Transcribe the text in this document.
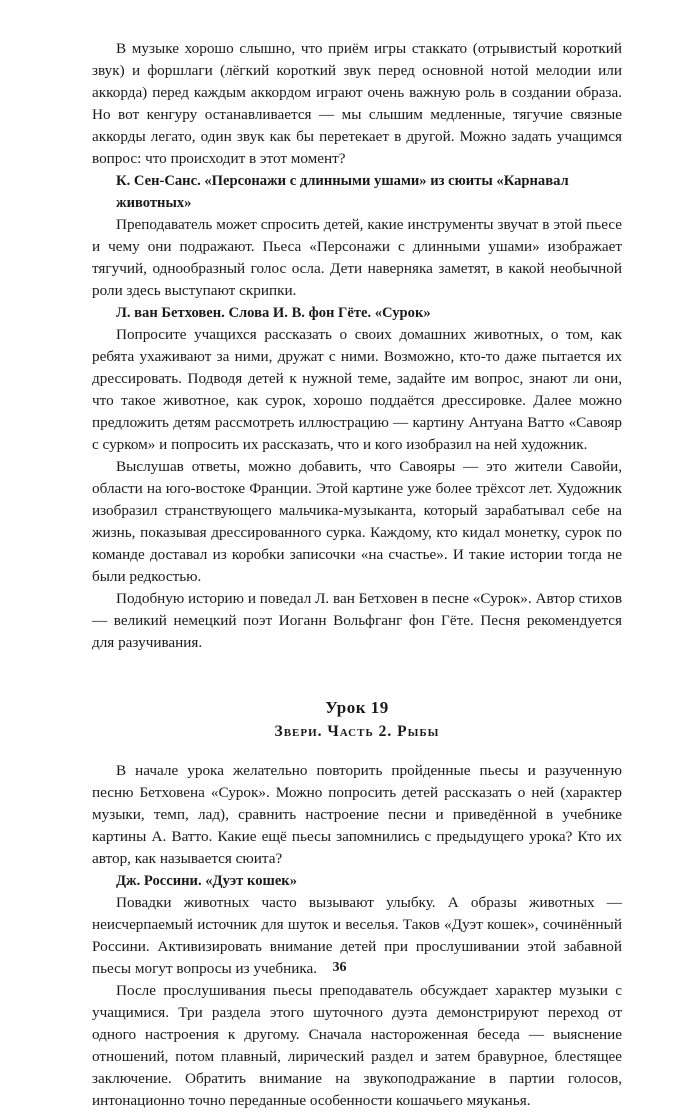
В музыке хорошо слышно, что приём игры стаккато (отрывистый короткий звук) и форшлаги (лёгкий короткий звук перед основной нотой мелодии или аккорда) перед каждым аккордом играют очень важную роль в создании образа. Но вот кенгуру останавливается — мы слышим медленные, тягучие связные аккорды легато, один звук как бы перетекает в другой. Можно задать учащимся вопрос: что происходит в этот момент?

К. Сен-Санс. «Персонажи с длинными ушами» из сюиты «Карнавал животных»

Преподаватель может спросить детей, какие инструменты звучат в этой пьесе и чему они подражают. Пьеса «Персонажи с длинными ушами» изображает тягучий, однообразный голос осла. Дети наверняка заметят, в какой необычной роли здесь выступают скрипки.

Л. ван Бетховен. Слова И. В. фон Гёте. «Сурок»

Попросите учащихся рассказать о своих домашних животных, о том, как ребята ухаживают за ними, дружат с ними. Возможно, кто-то даже пытается их дрессировать. Подводя детей к нужной теме, задайте им вопрос, знают ли они, что такое животное, как сурок, хорошо поддаётся дрессировке. Далее можно предложить детям рассмотреть иллюстрацию — картину Антуана Ватто «Савояр с сурком» и попросить их рассказать, что и кого изобразил на ней художник.

Выслушав ответы, можно добавить, что Савояры — это жители Савойи, области на юго-востоке Франции. Этой картине уже более трёхсот лет. Художник изобразил странствующего мальчика-музыканта, который зарабатывал себе на жизнь, показывая дрессированного сурка. Каждому, кто кидал монетку, сурок по команде доставал из коробки записочки «на счастье». И такие истории тогда не были редкостью.

Подобную историю и поведал Л. ван Бетховен в песне «Сурок». Автор стихов — великий немецкий поэт Иоганн Вольфганг фон Гёте. Песня рекомендуется для разучивания.

Урок 19

Звери. Часть 2. Рыбы

В начале урока желательно повторить пройденные пьесы и разученную песню Бетховена «Сурок». Можно попросить детей рассказать о ней (характер музыки, темп, лад), сравнить настроение песни и приведённой в учебнике картины А. Ватто. Какие ещё пьесы запомнились с предыдущего урока? Кто их автор, как называется сюита?

Дж. Россини. «Дуэт кошек»

Повадки животных часто вызывают улыбку. А образы животных — неисчерпаемый источник для шуток и веселья. Таков «Дуэт кошек», сочинённый Россини. Активизировать внимание детей при прослушивании этой забавной пьесы могут вопросы из учебника.

После прослушивания пьесы преподаватель обсуждает характер музыки с учащимися. Три раздела этого шуточного дуэта демонстрируют переход от одного настроения к другому. Сначала настороженная беседа — выяснение отношений, потом плавный, лирический раздел и затем бравурное, блестящее заключение. Обратить внимание на звукоподражание в партии голосов, интонационно точно переданные особенности кошачьего мяуканья.

36
